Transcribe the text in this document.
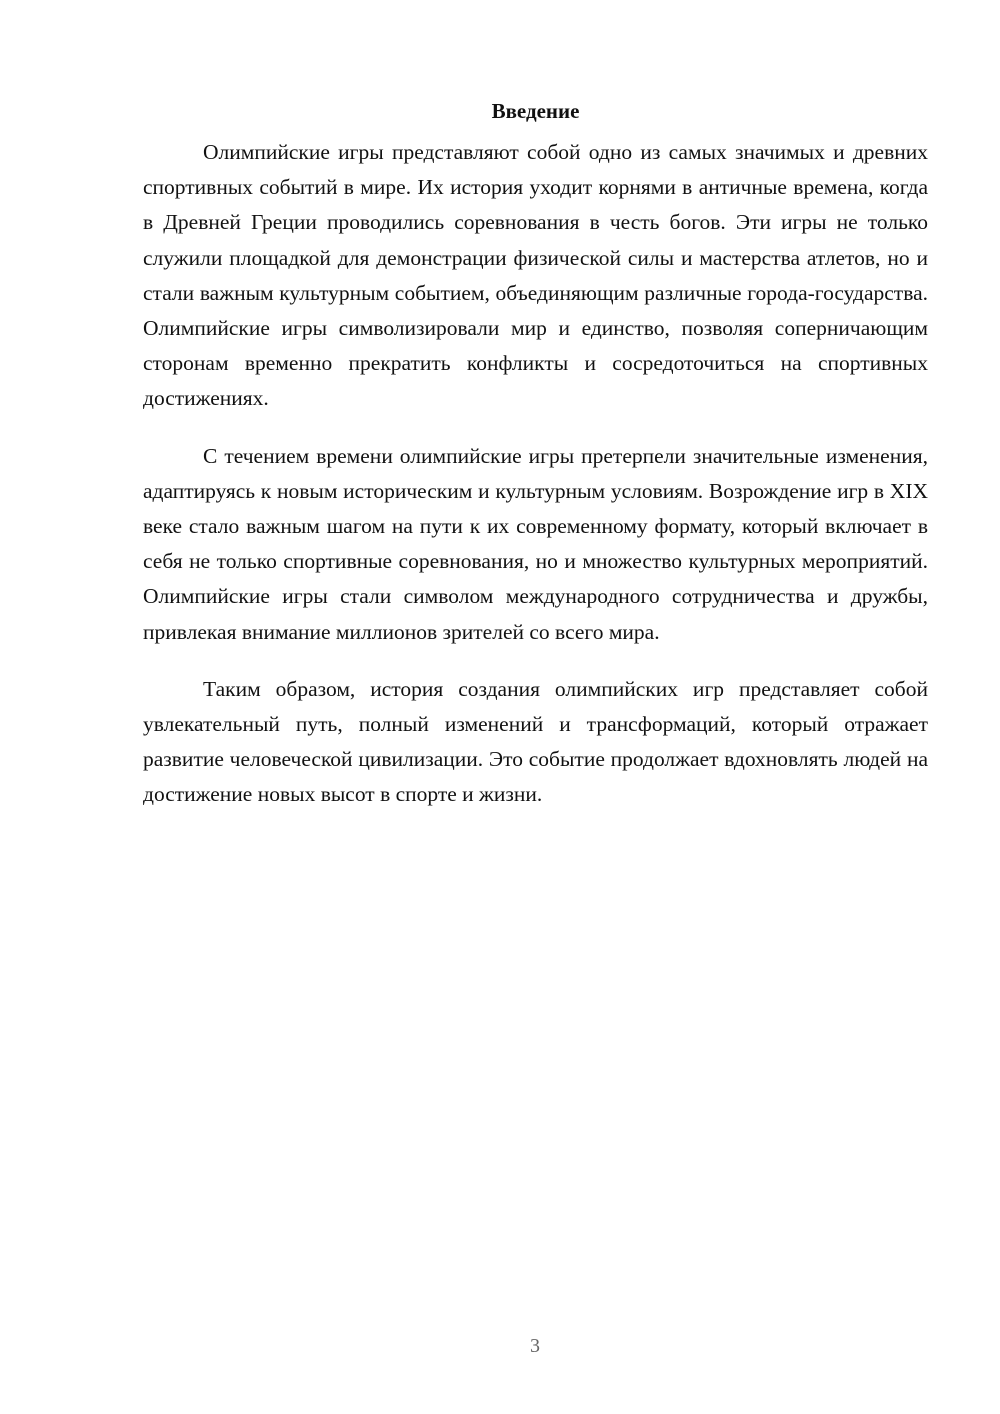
Введение

Олимпийские игры представляют собой одно из самых значимых и древних спортивных событий в мире. Их история уходит корнями в античные времена, когда в Древней Греции проводились соревнования в честь богов. Эти игры не только служили площадкой для демонстрации физической силы и мастерства атлетов, но и стали важным культурным событием, объединяющим различные города-государства. Олимпийские игры символизировали мир и единство, позволяя соперничающим сторонам временно прекратить конфликты и сосредоточиться на спортивных достижениях.

С течением времени олимпийские игры претерпели значительные изменения, адаптируясь к новым историческим и культурным условиям. Возрождение игр в XIX веке стало важным шагом на пути к их современному формату, который включает в себя не только спортивные соревнования, но и множество культурных мероприятий. Олимпийские игры стали символом международного сотрудничества и дружбы, привлекая внимание миллионов зрителей со всего мира.

Таким образом, история создания олимпийских игр представляет собой увлекательный путь, полный изменений и трансформаций, который отражает развитие человеческой цивилизации. Это событие продолжает вдохновлять людей на достижение новых высот в спорте и жизни.

3
